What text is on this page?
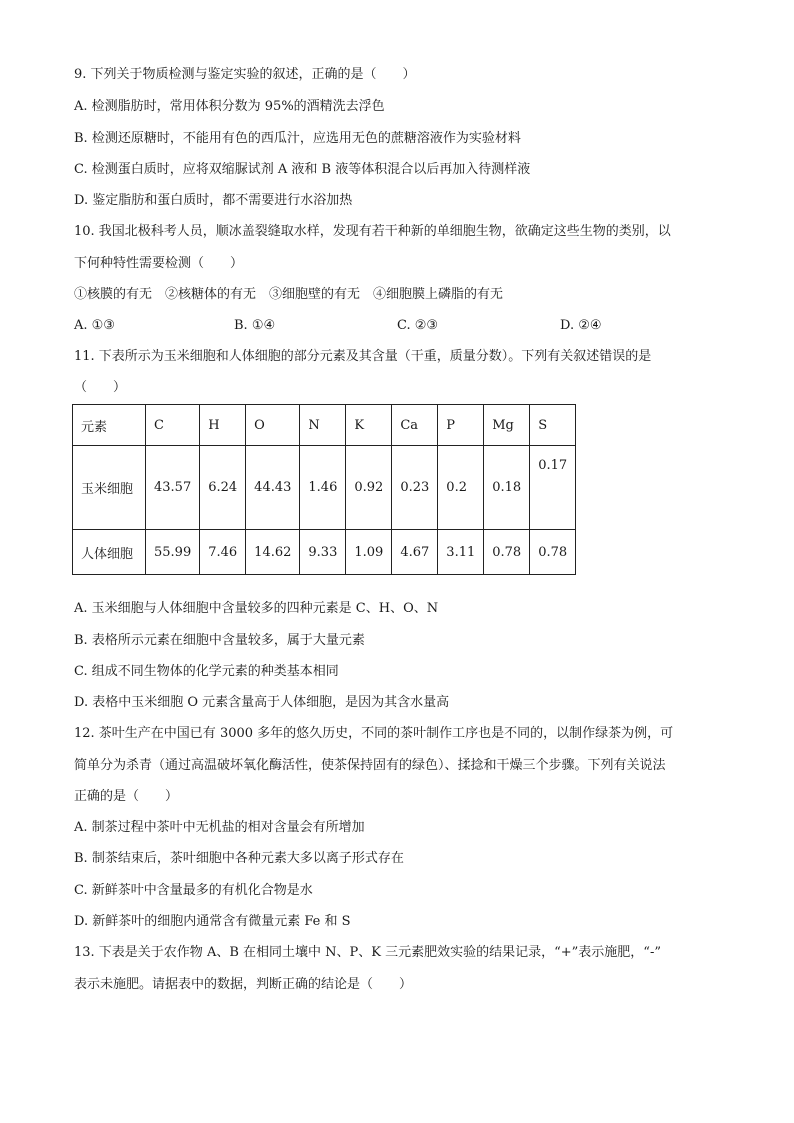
9. 下列关于物质检测与鉴定实验的叙述，正确的是（　　）
A. 检测脂肪时，常用体积分数为 95%的酒精洗去浮色
B. 检测还原糖时，不能用有色的西瓜汁，应选用无色的蔗糖溶液作为实验材料
C. 检测蛋白质时，应将双缩脲试剂 A 液和 B 液等体积混合以后再加入待测样液
D. 鉴定脂肪和蛋白质时，都不需要进行水浴加热
10. 我国北极科考人员，顺冰盖裂缝取水样，发现有若干种新的单细胞生物，欲确定这些生物的类别，以
下何种特性需要检测（　　）
①核膜的有无　②核糖体的有无　③细胞壁的有无　④细胞膜上磷脂的有无
A. ①③	B. ①④	C. ②③	D. ②④
11. 下表所示为玉米细胞和人体细胞的部分元素及其含量（干重，质量分数）。下列有关叙述错误的是
（　　）
元素	C	H	O	N	K	Ca	P	Mg	S
玉米细胞	43.57	6.24	44.43	1.46	0.92	0.23	0.2	0.18	0.17
人体细胞	55.99	7.46	14.62	9.33	1.09	4.67	3.11	0.78	0.78
A. 玉米细胞与人体细胞中含量较多的四种元素是 C、H、O、N
B. 表格所示元素在细胞中含量较多，属于大量元素
C. 组成不同生物体的化学元素的种类基本相同
D. 表格中玉米细胞 O 元素含量高于人体细胞，是因为其含水量高
12. 茶叶生产在中国已有 3000 多年的悠久历史，不同的茶叶制作工序也是不同的，以制作绿茶为例，可
简单分为杀青（通过高温破坏氧化酶活性，使茶保持固有的绿色）、揉捻和干燥三个步骤。下列有关说法
正确的是（　　）
A. 制茶过程中茶叶中无机盐的相对含量会有所增加
B. 制茶结束后，茶叶细胞中各种元素大多以离子形式存在
C. 新鲜茶叶中含量最多的有机化合物是水
D. 新鲜茶叶的细胞内通常含有微量元素 Fe 和 S
13. 下表是关于农作物 A、B 在相同土壤中 N、P、K 三元素肥效实验的结果记录，“+”表示施肥，“-”
表示未施肥。请据表中的数据，判断正确的结论是（　　）
